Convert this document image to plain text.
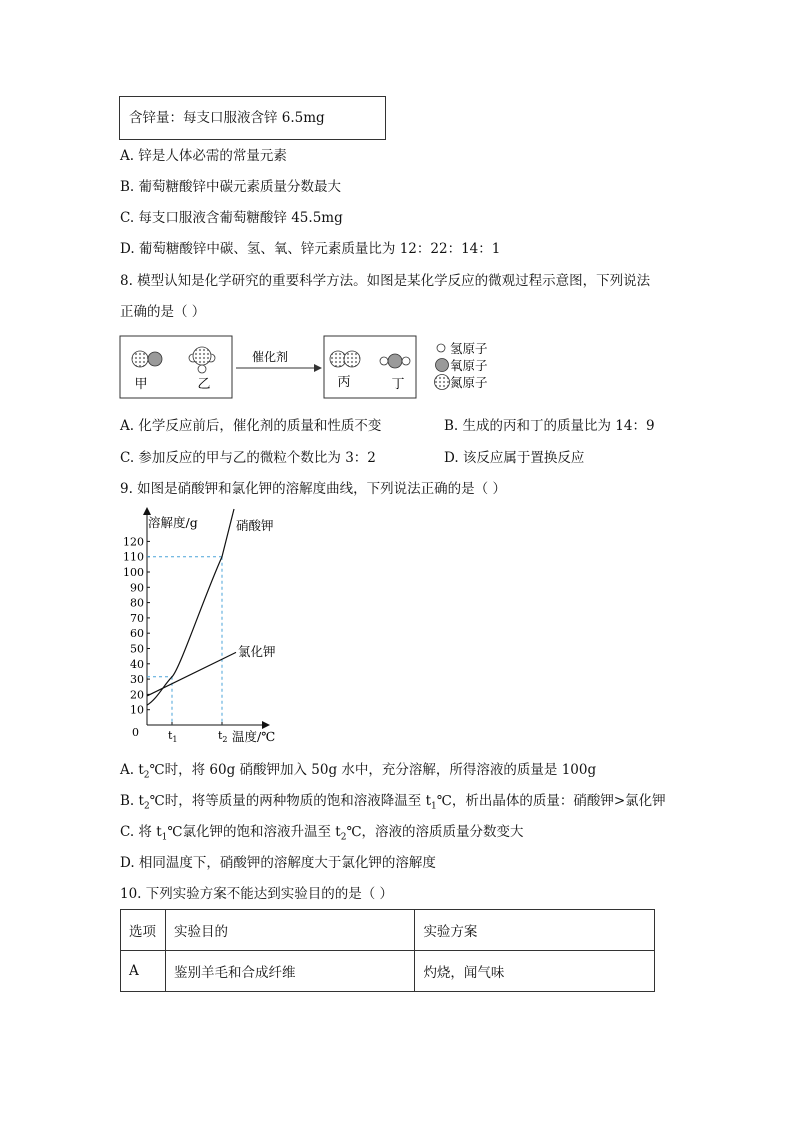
含锌量：每支口服液含锌 6.5mg
A. 锌是人体必需的常量元素
B. 葡萄糖酸锌中碳元素质量分数最大
C. 每支口服液含葡萄糖酸锌 45.5mg
D. 葡萄糖酸锌中碳、氢、氧、锌元素质量比为 12：22：14：1
8. 模型认知是化学研究的重要科学方法。如图是某化学反应的微观过程示意图，下列说法
正确的是（ ）
甲	乙
催化剂
丙	丁
氢原子
氧原子
氮原子
A. 化学反应前后，催化剂的质量和性质不变	B. 生成的丙和丁的质量比为 14：9
C. 参加反应的甲与乙的微粒个数比为 3：2	D. 该反应属于置换反应
9. 如图是硝酸钾和氯化钾的溶解度曲线，下列说法正确的是（ ）
溶解度/g
温度/℃
0
10
20
30
40
50
60
70
80
90
100
110
120
$t_1$	$t_2$
硝酸钾
氯化钾
A. $t_2℃$时，将 60g 硝酸钾加入 50g 水中，充分溶解，所得溶液的质量是 100g
B. $t_2℃$时，将等质量的两种物质的饱和溶液降温至 $t_1℃$，析出晶体的质量：硝酸钾>氯化钾
C. 将 $t_1℃$氯化钾的饱和溶液升温至 $t_2℃$，溶液的溶质质量分数变大
D. 相同温度下，硝酸钾的溶解度大于氯化钾的溶解度
10. 下列实验方案不能达到实验目的的是（ ）
选项	实验目的	实验方案
A	鉴别羊毛和合成纤维	灼烧，闻气味
